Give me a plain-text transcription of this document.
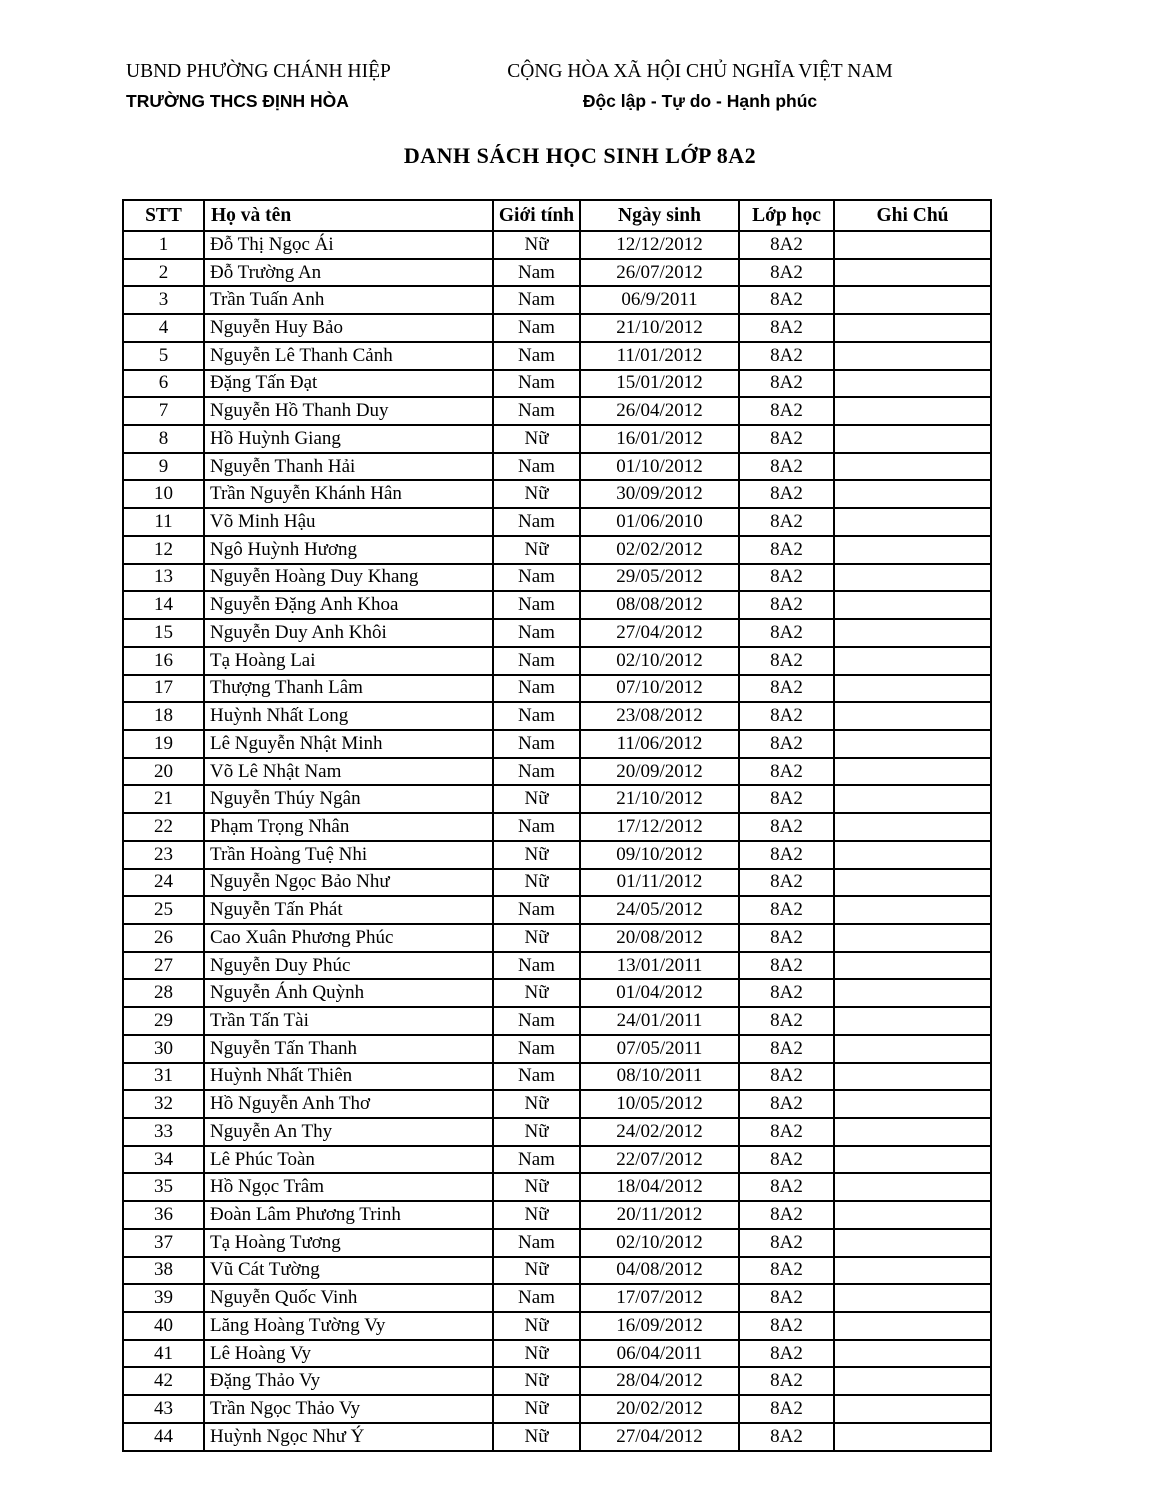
UBND PHƯỜNG CHÁNH HIỆP
TRƯỜNG THCS ĐỊNH HÒA
CỘNG HÒA XÃ HỘI CHỦ NGHĨA VIỆT NAM
Độc lập - Tự do - Hạnh phúc
DANH SÁCH HỌC SINH LỚP 8A2
STT	Họ và tên	Giới tính	Ngày sinh	Lớp học	Ghi Chú
1	Đỗ Thị Ngọc Ái	Nữ	12/12/2012	8A2	
2	Đỗ Trường An	Nam	26/07/2012	8A2	
3	Trần Tuấn Anh	Nam	06/9/2011	8A2	
4	Nguyễn Huy Bảo	Nam	21/10/2012	8A2	
5	Nguyễn Lê Thanh Cảnh	Nam	11/01/2012	8A2	
6	Đặng Tấn Đạt	Nam	15/01/2012	8A2	
7	Nguyễn Hồ Thanh Duy	Nam	26/04/2012	8A2	
8	Hồ Huỳnh Giang	Nữ	16/01/2012	8A2	
9	Nguyễn Thanh Hải	Nam	01/10/2012	8A2	
10	Trần Nguyễn Khánh Hân	Nữ	30/09/2012	8A2	
11	Võ Minh Hậu	Nam	01/06/2010	8A2	
12	Ngô Huỳnh Hương	Nữ	02/02/2012	8A2	
13	Nguyễn Hoàng Duy Khang	Nam	29/05/2012	8A2	
14	Nguyễn Đặng Anh Khoa	Nam	08/08/2012	8A2	
15	Nguyễn Duy Anh Khôi	Nam	27/04/2012	8A2	
16	Tạ Hoàng Lai	Nam	02/10/2012	8A2	
17	Thượng Thanh Lâm	Nam	07/10/2012	8A2	
18	Huỳnh Nhất Long	Nam	23/08/2012	8A2	
19	Lê Nguyễn Nhật Minh	Nam	11/06/2012	8A2	
20	Võ Lê Nhật Nam	Nam	20/09/2012	8A2	
21	Nguyễn Thúy Ngân	Nữ	21/10/2012	8A2	
22	Phạm Trọng Nhân	Nam	17/12/2012	8A2	
23	Trần Hoàng Tuệ Nhi	Nữ	09/10/2012	8A2	
24	Nguyễn Ngọc Bảo Như	Nữ	01/11/2012	8A2	
25	Nguyễn Tấn Phát	Nam	24/05/2012	8A2	
26	Cao Xuân Phương Phúc	Nữ	20/08/2012	8A2	
27	Nguyễn Duy Phúc	Nam	13/01/2011	8A2	
28	Nguyễn Ánh Quỳnh	Nữ	01/04/2012	8A2	
29	Trần Tấn Tài	Nam	24/01/2011	8A2	
30	Nguyễn Tấn Thanh	Nam	07/05/2011	8A2	
31	Huỳnh Nhất Thiên	Nam	08/10/2011	8A2	
32	Hồ Nguyễn Anh Thơ	Nữ	10/05/2012	8A2	
33	Nguyễn An Thy	Nữ	24/02/2012	8A2	
34	Lê Phúc Toàn	Nam	22/07/2012	8A2	
35	Hồ Ngọc Trâm	Nữ	18/04/2012	8A2	
36	Đoàn Lâm Phương Trinh	Nữ	20/11/2012	8A2	
37	Tạ Hoàng Tương	Nam	02/10/2012	8A2	
38	Vũ Cát Tường	Nữ	04/08/2012	8A2	
39	Nguyễn Quốc Vinh	Nam	17/07/2012	8A2	
40	Lăng Hoàng Tường Vy	Nữ	16/09/2012	8A2	
41	Lê Hoàng Vy	Nữ	06/04/2011	8A2	
42	Đặng Thảo Vy	Nữ	28/04/2012	8A2	
43	Trần Ngọc Thảo Vy	Nữ	20/02/2012	8A2	
44	Huỳnh Ngọc Như Ý	Nữ	27/04/2012	8A2	
